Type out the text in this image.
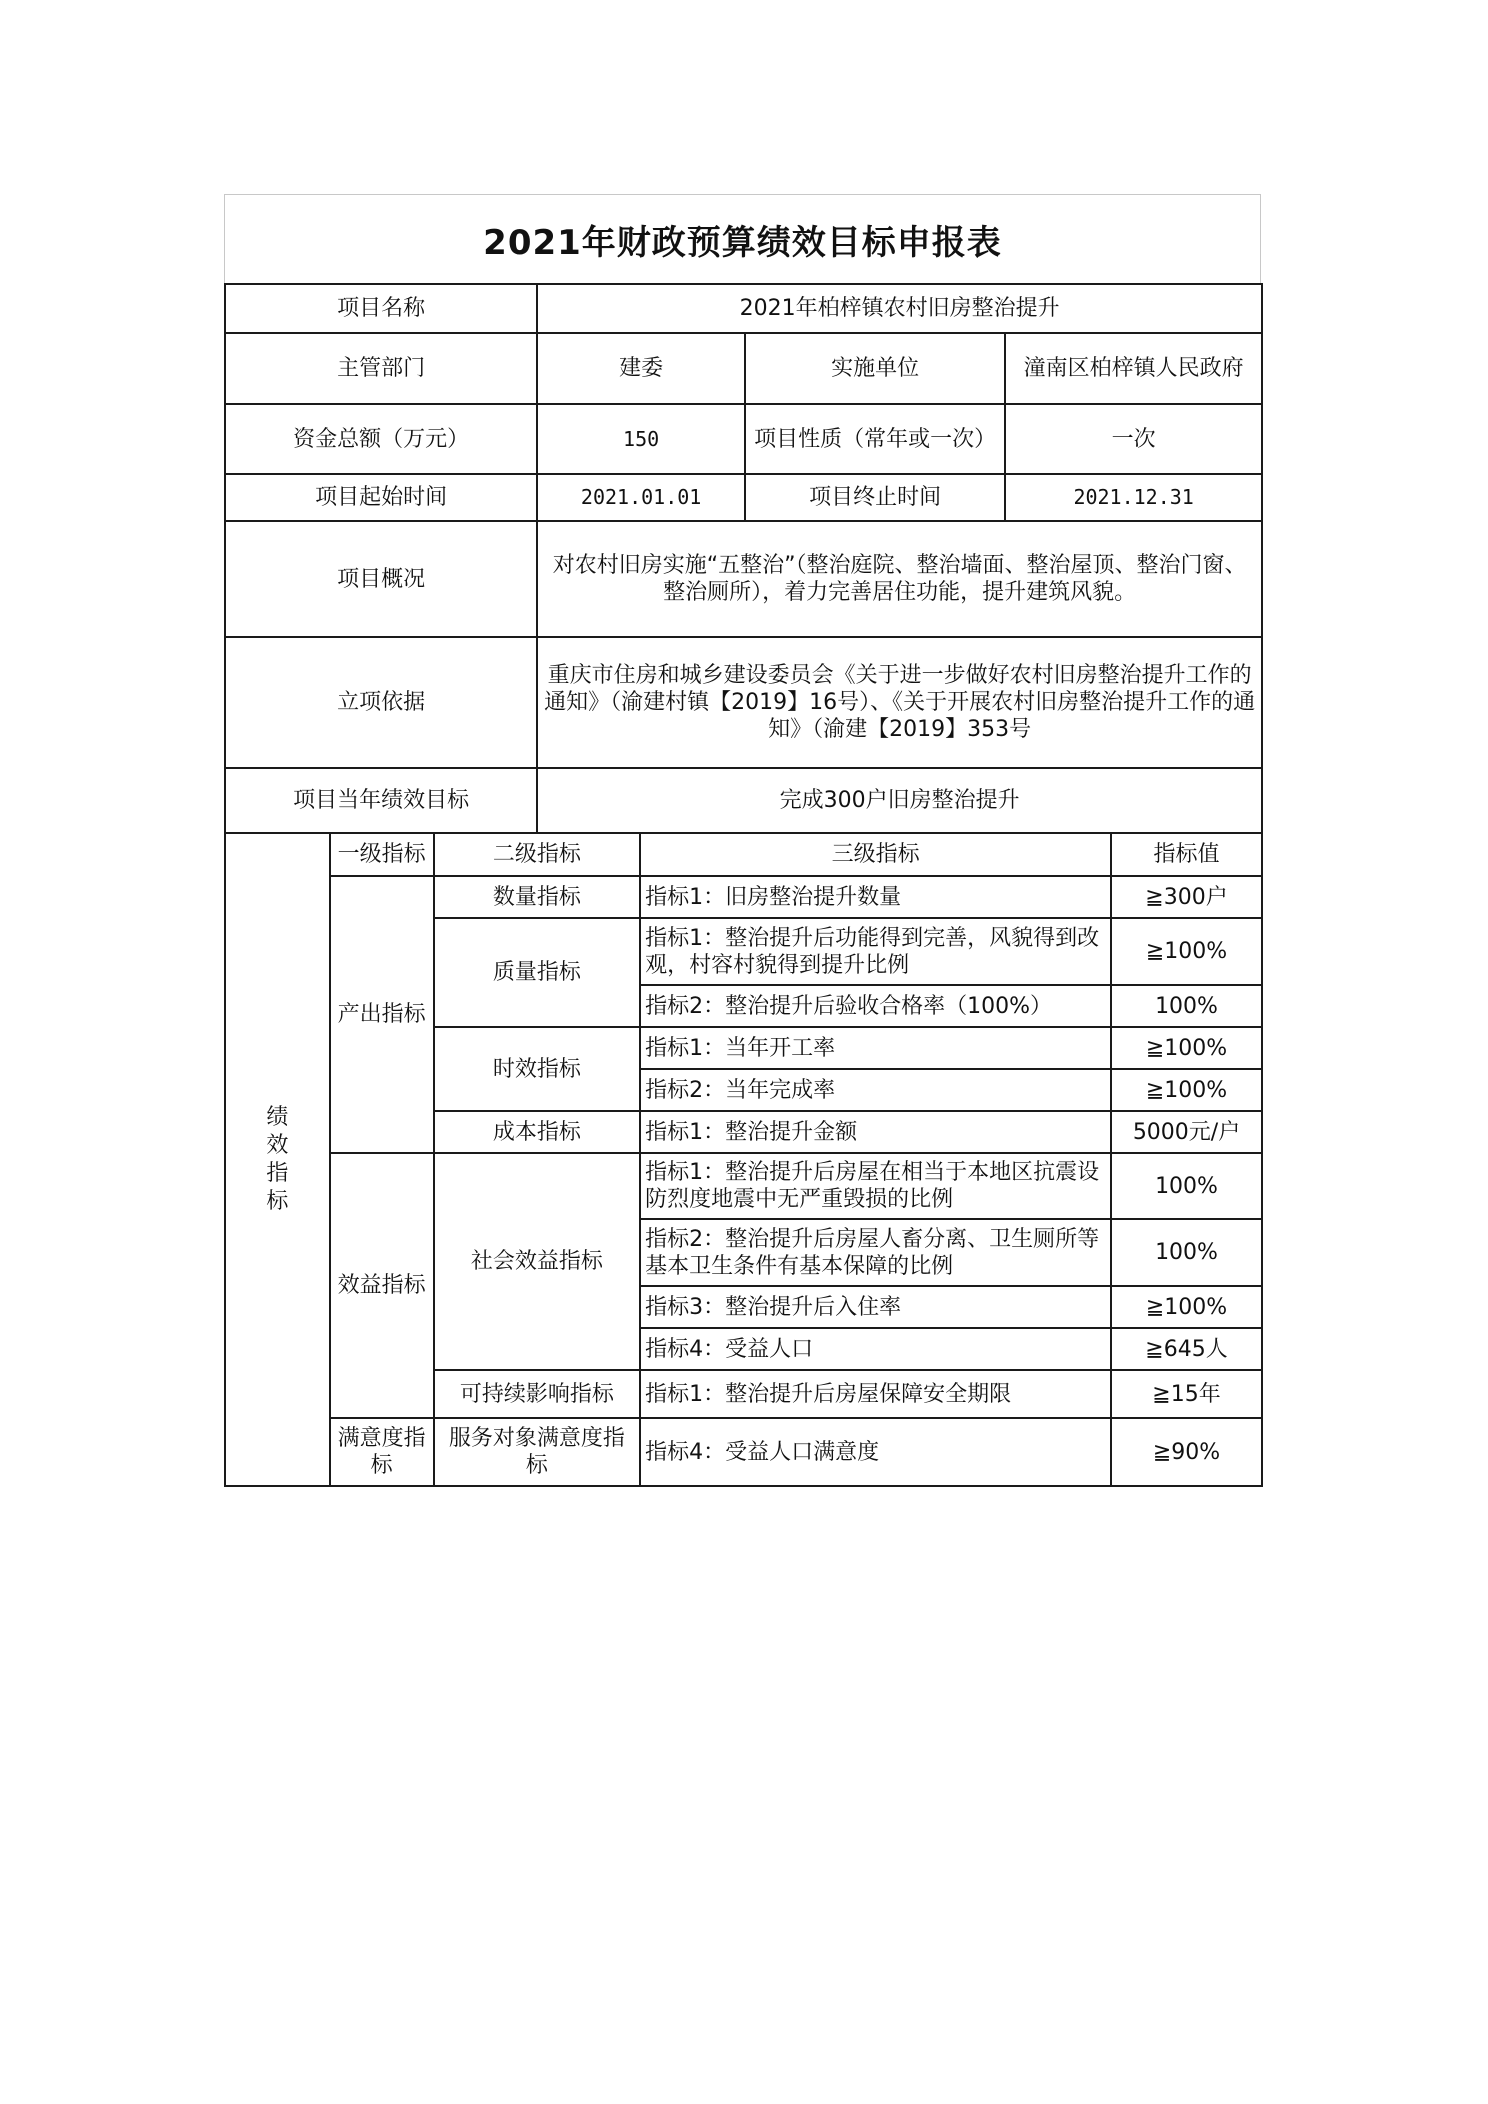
2021年财政预算绩效目标申报表
项目名称			2021年柏梓镇农村旧房整治提升				
主管部门			建委		实施单位	潼南区柏梓镇人民政府	
资金总额（万元）			150		项目性质（常年或一次）	一次	
项目起始时间			2021.01.01		项目终止时间	2021.12.31	
项目概况			对农村旧房实施“五整治”（整治庭院、整治墙面、整治屋顶、整治门窗、整治厕所），着力完善居住功能，提升建筑风貌。				
立项依据			重庆市住房和城乡建设委员会《关于进一步做好农村旧房整治提升工作的通知》（渝建村镇【2019】16号）、《关于开展农村旧房整治提升工作的通知》（渝建【2019】353号				
项目当年绩效目标			完成300户旧房整治提升				
绩效指标	一级指标	二级指标		三级指标			指标值
	产出指标	数量指标		指标1：旧房整治提升数量			≧300户
		质量指标		指标1：整治提升后功能得到完善，风貌得到改观，村容村貌得到提升比例			≧100%
				指标2：整治提升后验收合格率（100%）			100%
		时效指标		指标1：当年开工率			≧100%
				指标2：当年完成率			≧100%
		成本指标		指标1：整治提升金额			5000元/户
	效益指标	社会效益指标		指标1：整治提升后房屋在相当于本地区抗震设防烈度地震中无严重毁损的比例			100%
				指标2：整治提升后房屋人畜分离、卫生厕所等基本卫生条件有基本保障的比例			100%
				指标3：整治提升后入住率			≧100%
				指标4：受益人口			≧645人
		可持续影响指标		指标1：整治提升后房屋保障安全期限			≧15年
	满意度指标	服务对象满意度指标		指标4：受益人口满意度			≧90%
